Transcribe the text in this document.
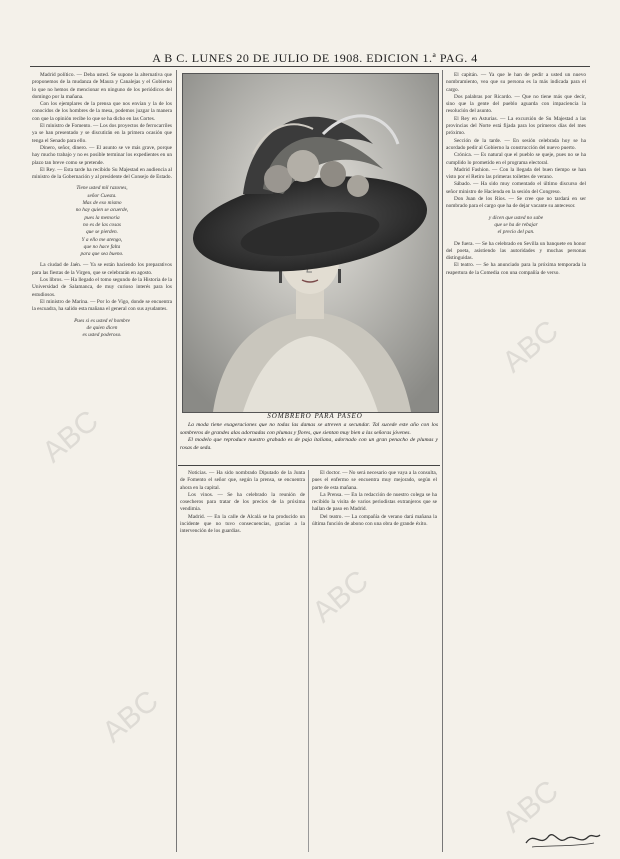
ABC
ABC
ABC
ABC
ABC
A B C. LUNES 20 DE JULIO DE 1908. EDICION 1.ª PAG. 4

Madrid político. — Deba usted. Se supone la alternativa que proponemos de la mudanza de Maura y Canalejas y el Gobierno lo que no hemos de mencionar en ninguno de los periódicos del domingo por la mañana.

Con los ejemplares de la prensa que nos envían y la de los conocidos de los hombres de la mesa, podemos juzgar la manera con que la opinión recibe lo que se ha dicho en las Cortes.

El ministro de Fomento. — Los dos proyectos de ferrocarriles ya se han presentado y se discutirán en la primera ocasión que tenga el Senado para ello.

Dinero, señor, dinero. — El asunto se ve más grave, porque hay mucho trabajo y no es posible terminar los expedientes en un plazo tan breve como se pretende.

El Rey. — Esta tarde ha recibido Su Majestad en audiencia al ministro de la Gobernación y al presidente del Consejo de Estado.

Tiene usted mil razones,

señor Cuesta.

Mas de eso mismo

no hay quien se acuerde,

pues la memoria

no es de las cosas

que se pierden.

Y a ello me atengo,

que no hace falta

para que sea bueno.

La ciudad de Jaén. — Ya se están haciendo los preparativos para las fiestas de la Virgen, que se celebrarán en agosto.

Los libros. — Ha llegado el tomo segundo de la Historia de la Universidad de Salamanca, de muy curioso interés para los estudiosos.

El ministro de Marina. — Por lo de Vigo, donde se encuentra la escuadra, ha salido esta mañana el general con sus ayudantes.

Pues si es usted el hombre

de quien dicen

es usted poderoso.

SOMBRERO PARA PASEO

La moda tiene exageraciones que no todas las damas se atreven a secundar. Tal sucede este año con los sombreros de grandes alas adornadas con plumas y flores, que sientan muy bien a las señoras jóvenes.

El modelo que reproduce nuestro grabado es de paja italiana, adornado con un gran penacho de plumas y rosas de seda.

Noticias. — Ha sido nombrado Diputado de la Junta de Fomento el señor que, según la prensa, se encuentra ahora en la capital.

Los vinos. — Se ha celebrado la reunión de cosecheros para tratar de los precios de la próxima vendimia.

Madrid. — En la calle de Alcalá se ha producido un incidente que no tuvo consecuencias, gracias a la intervención de los guardias.

El doctor. — No será necesario que vaya a la consulta, pues el enfermo se encuentra muy mejorado, según el parte de esta mañana.

La Prensa. — En la redacción de nuestro colega se ha recibido la visita de varios periodistas extranjeros que se hallan de paso en Madrid.

Del teatro. — La compañía de verano dará mañana la última función de abono con una obra de grande éxito.

El capitán. — Ya que le han de pedir a usted un nuevo nombramiento, vea que su persona es la más indicada para el cargo.

Dos palabras por Ricardo. — Que no tiene más que decir, sino que la gente del pueblo aguarda con impaciencia la resolución del asunto.

El Rey en Asturias. — La excursión de Su Majestad a las provincias del Norte está fijada para los primeros días del mes próximo.

Sección de la tarde. — En sesión celebrada hoy se ha acordado pedir al Gobierno la construcción del nuevo puerto.

Crónica. — Es natural que el pueblo se queje, pues no se ha cumplido lo prometido en el programa electoral.

Madrid Fashion. — Con la llegada del buen tiempo se han visto por el Retiro las primeras toilettes de verano.

Sábado. — Ha sido muy comentado el último discurso del señor ministro de Hacienda en la sesión del Congreso.

Don Juan de los Ríos. — Se cree que no tardará en ser nombrado para el cargo que ha de dejar vacante su antecesor.

y dicen que usted no sabe

que se ha de rebajar

el precio del pan.

De fuera. — Se ha celebrado en Sevilla un banquete en honor del poeta, asistiendo las autoridades y muchas personas distinguidas.

El teatro. — Se ha anunciado para la próxima temporada la reapertura de la Comedia con una compañía de verso.
